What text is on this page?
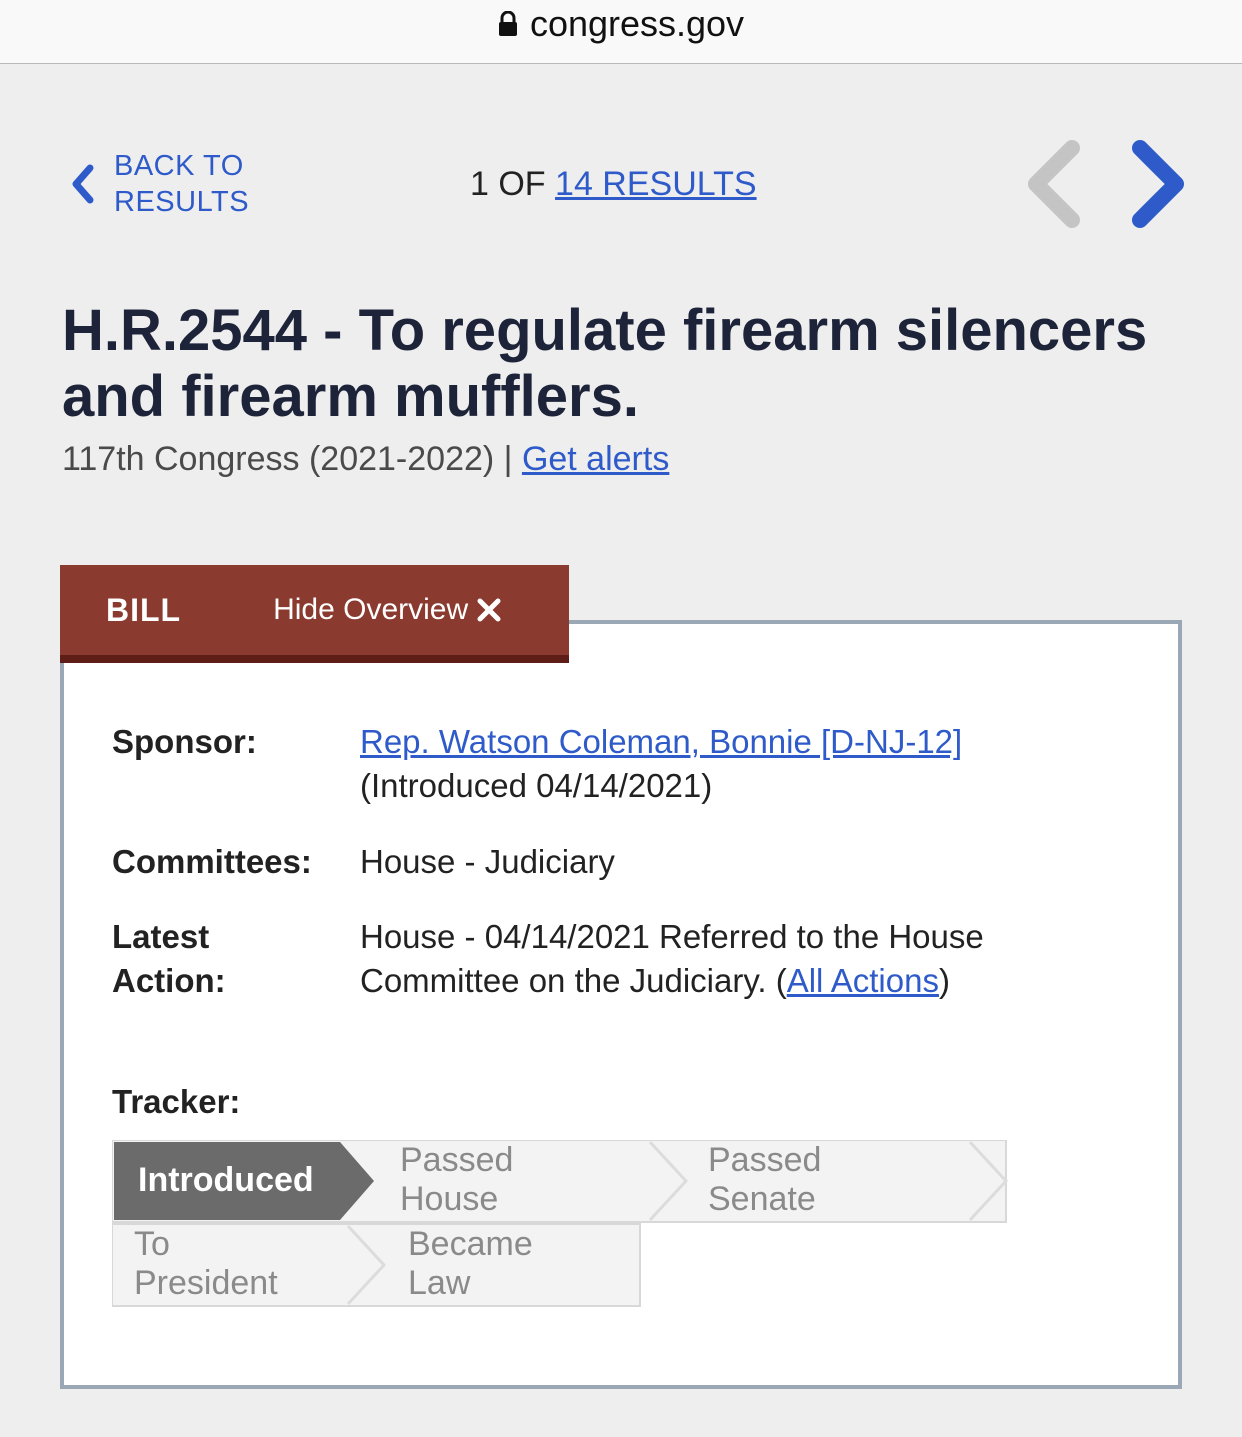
congress.gov
BACK TO
RESULTS	1 OF 14 RESULTS
H.R.2544 - To regulate firearm silencers and firearm mufflers.
117th Congress (2021-2022) | Get alerts
BILL	Hide Overview
Sponsor:	Rep. Watson Coleman, Bonnie [D-NJ-12]
(Introduced 04/14/2021)
Committees: House - Judiciary
Latest
Action:
House - 04/14/2021 Referred to the House
Committee on the Judiciary. (All Actions)
Tracker:
Introduced
Passed House
Passed Senate
To President
Became Law
